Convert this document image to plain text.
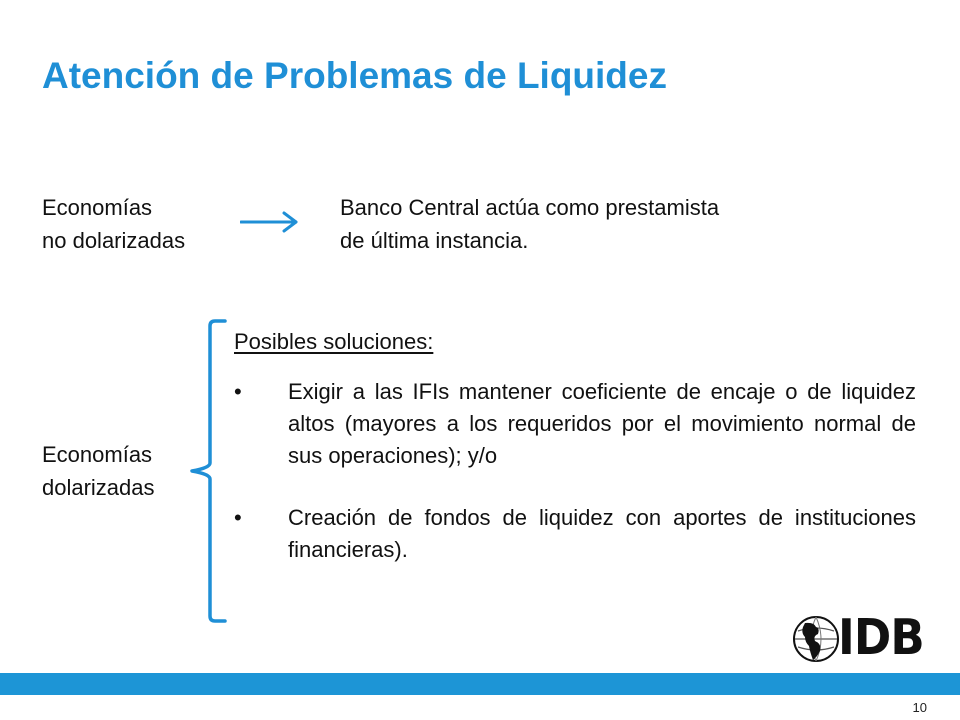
Atención de Problemas de Liquidez
Economías
no dolarizadas
Banco Central actúa como prestamista
de última instancia.
Economías
dolarizadas
Posibles soluciones:
•	Exigir a las IFIs mantener coeficiente de encaje o de liquidez altos (mayores a los requeridos por el movimiento normal de sus operaciones); y/o
•	Creación de fondos de liquidez con aportes de instituciones financieras).
IDB
10
